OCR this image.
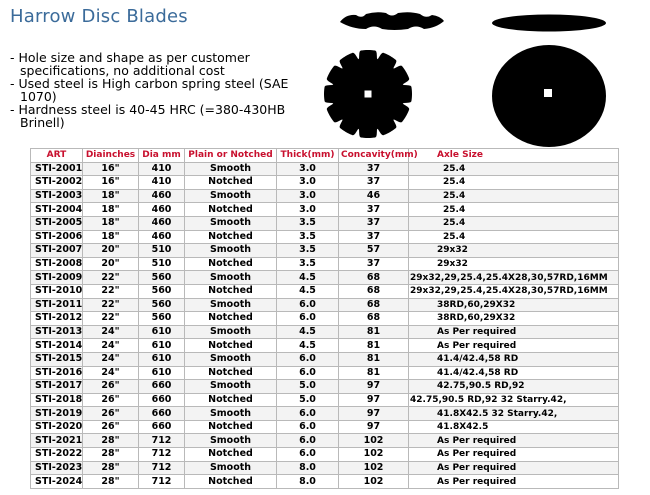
Harrow Disc Blades

- Hole size and shape as per customer specifications, no additional cost

- Used steel is High carbon spring steel (SAE 1070)

- Hardness steel is 40-45 HRC (=380-430HB Brinell)

ART	Diainches	Dia mm	Plain or Notched	Thick(mm)	Concavity(mm)	Axle Size
STI-2001	16"	410	Smooth	3.0	37	25.4
STI-2002	16"	410	Notched	3.0	37	25.4
STI-2003	18"	460	Smooth	3.0	46	25.4
STI-2004	18"	460	Notched	3.0	37	25.4
STI-2005	18"	460	Smooth	3.5	37	25.4
STI-2006	18"	460	Notched	3.5	37	25.4
STI-2007	20"	510	Smooth	3.5	57	29x32
STI-2008	20"	510	Notched	3.5	37	29x32
STI-2009	22"	560	Smooth	4.5	68	29x32,29,25.4,25.4X28,30,57RD,16MM
STI-2010	22"	560	Notched	4.5	68	29x32,29,25.4,25.4X28,30,57RD,16MM
STI-2011	22"	560	Smooth	6.0	68	38RD,60,29X32
STI-2012	22"	560	Notched	6.0	68	38RD,60,29X32
STI-2013	24"	610	Smooth	4.5	81	As Per required
STI-2014	24"	610	Notched	4.5	81	As Per required
STI-2015	24"	610	Smooth	6.0	81	41.4/42.4,58 RD
STI-2016	24"	610	Notched	6.0	81	41.4/42.4,58 RD
STI-2017	26"	660	Smooth	5.0	97	42.75,90.5 RD,92
STI-2018	26"	660	Notched	5.0	97	42.75,90.5 RD,92 32 Starry.42,
STI-2019	26"	660	Smooth	6.0	97	41.8X42.5 32 Starry.42,
STI-2020	26"	660	Notched	6.0	97	41.8X42.5
STI-2021	28"	712	Smooth	6.0	102	As Per required
STI-2022	28"	712	Notched	6.0	102	As Per required
STI-2023	28"	712	Smooth	8.0	102	As Per required
STI-2024	28"	712	Notched	8.0	102	As Per required
